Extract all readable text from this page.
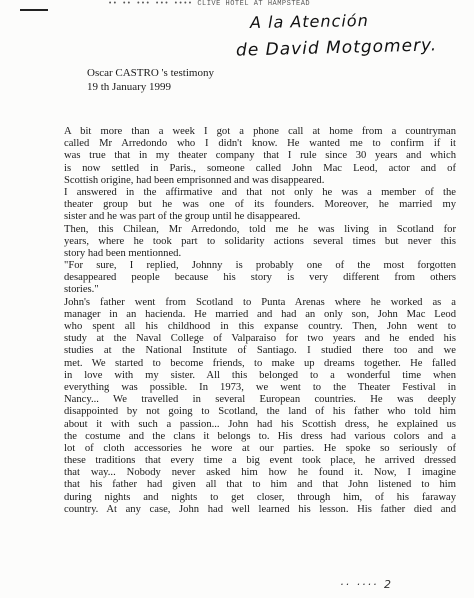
•• •• ••• ••• •••• CLIVE HOTEL AT HAMPSTEAD
A la Atención
de David Motgomery.
Oscar CASTRO 's testimony
19 th January 1999
A bit more than a week I got a phone call at home from a countryman
called Mr Arredondo who I didn't know. He wanted me to confirm if it
was true that in my theater company that I rule since 30 years and which
is now settled in Paris., someone called John Mac Leod, actor and of
Scottish origine, had been emprisonned and was disappeared.
I answered in the affirmative and that not only he was a member of the
theater group but he was one of its founders. Moreover, he married my
sister and he was part of the group until he disappeared.
Then, this Chilean, Mr Arredondo, told me he was living in Scotland for
years, where he took part to solidarity actions several times but never this
story had been mentionned.
"For sure, I replied, Johnny is probably one of the most forgotten
desappeared people because his story is very different from others
stories."
John's father went from Scotland to Punta Arenas where he worked as a
manager in an hacienda. He married and had an only son, John Mac Leod
who spent all his childhood in this expanse country. Then, John went to
study at the Naval College of Valparaiso for two years and he ended his
studies at the National Institute of Santiago. I studied there too and we
met. We started to become friends, to make up dreams together. He falled
in love with my sister. All this belonged to a wonderful time when
everything was possible. In 1973, we went to the Theater Festival in
Nancy... We travelled in several European countries. He was deeply
disappointed by not going to Scotland, the land of his father who told him
about it with such a passion... John had his Scottish dress, he explained us
the costume and the clans it belongs to. His dress had various colors and a
lot of cloth accessories he wore at our parties. He spoke so seriously of
these traditions that every time a big event took place, he arrived dressed
that way... Nobody never asked him how he found it. Now, I imagine
that his father had given all that to him and that John listened to him
during nights and nights to get closer, through him, of his faraway
country. At any case, John had well learned his lesson. His father died and
·· ···· 2
